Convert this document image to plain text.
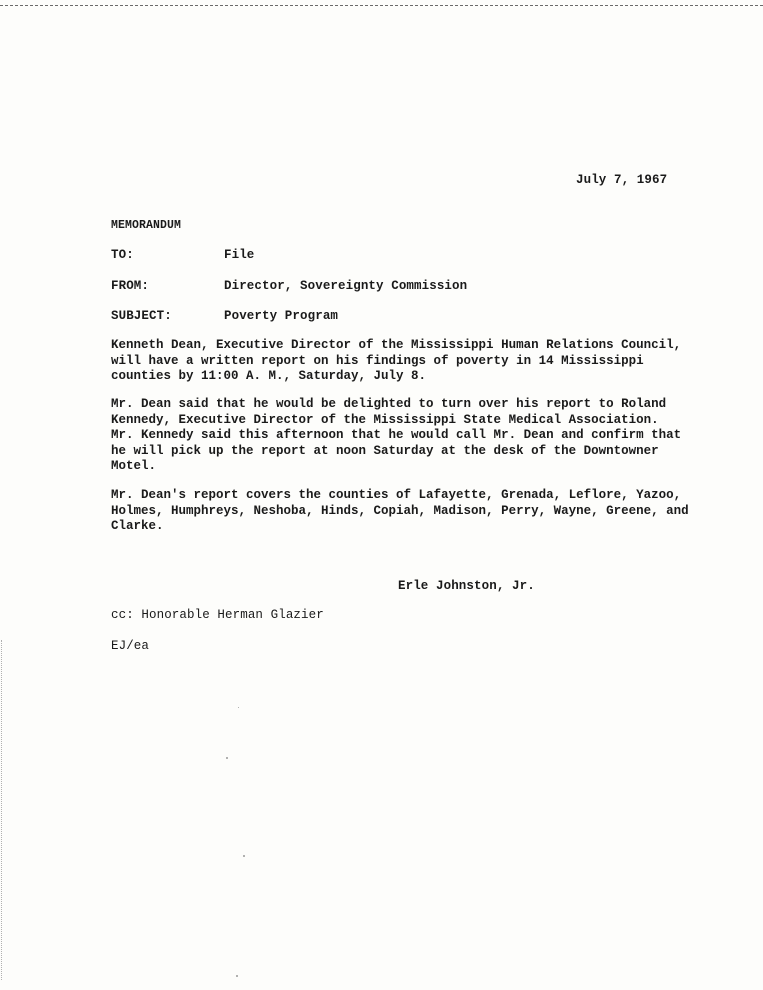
July 7, 1967

MEMORANDUM

TO:	File

FROM:	Director, Sovereignty Commission

SUBJECT:	Poverty Program

Kenneth Dean, Executive Director of the Mississippi Human Relations Council,
will have a written report on his findings of poverty in 14 Mississippi
counties by 11:00 A. M., Saturday, July 8.

Mr. Dean said that he would be delighted to turn over his report to Roland
Kennedy, Executive Director of the Mississippi State Medical Association.
Mr. Kennedy said this afternoon that he would call Mr. Dean and confirm that
he will pick up the report at noon Saturday at the desk of the Downtowner
Motel.

Mr. Dean's report covers the counties of Lafayette, Grenada, Leflore, Yazoo,
Holmes, Humphreys, Neshoba, Hinds, Copiah, Madison, Perry, Wayne, Greene, and
Clarke.

Erle Johnston, Jr.

cc: Honorable Herman Glazier

EJ/ea
